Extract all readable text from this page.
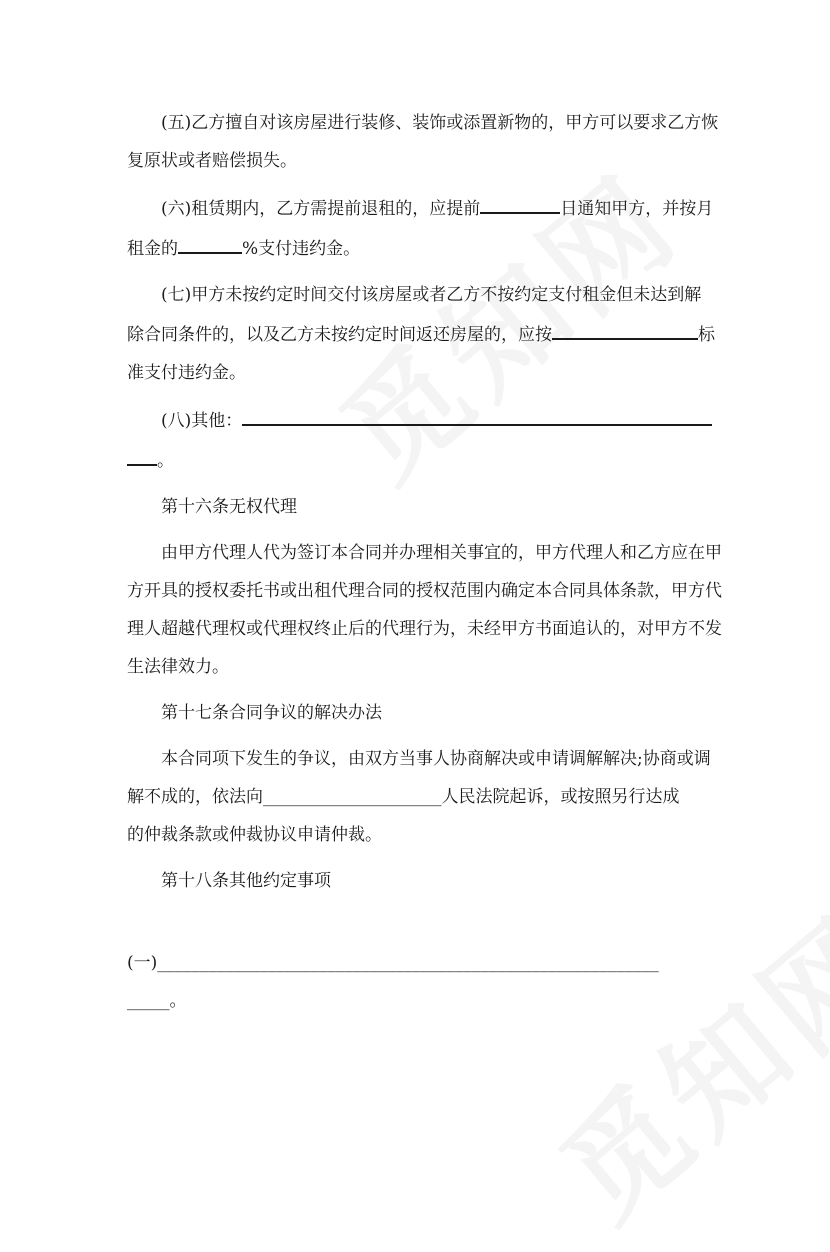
(五)乙方擅自对该房屋进行装修、装饰或添置新物的，甲方可以要求乙方恢
复原状或者赔偿损失。

(六)租赁期内，乙方需提前退租的，应提前	日通知甲方，并按月
租金的	%支付违约金。

(七)甲方未按约定时间交付该房屋或者乙方不按约定支付租金但未达到解
除合同条件的，以及乙方未按约定时间返还房屋的，应按	标
准支付违约金。

(八)其他：
。

第十六条无权代理

由甲方代理人代为签订本合同并办理相关事宜的，甲方代理人和乙方应在甲
方开具的授权委托书或出租代理合同的授权范围内确定本合同具体条款，甲方代
理人超越代理权或代理权终止后的代理行为，未经甲方书面追认的，对甲方不发
生法律效力。

第十七条合同争议的解决办法

本合同项下发生的争议，由双方当事人协商解决或申请调解解决;协商或调
解不成的，依法向_____________________人民法院起诉，或按照另行达成
的仲裁条款或仲裁协议申请仲裁。

第十八条其他约定事项

(一)___________________________________________________________
_____。
